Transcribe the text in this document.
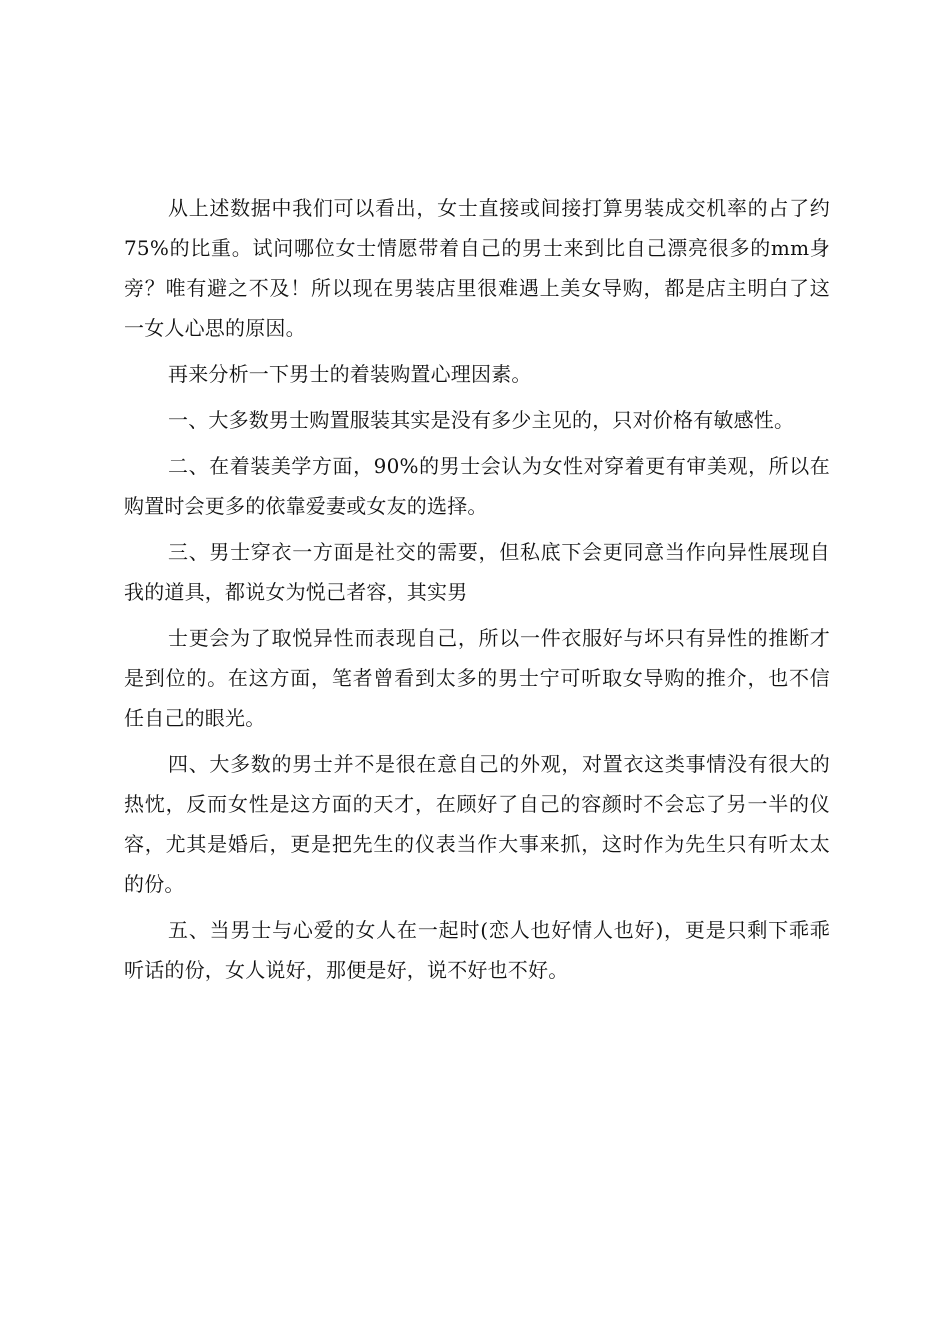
从上述数据中我们可以看出，女士直接或间接打算男装成交机率的占了约75%的比重。试问哪位女士情愿带着自己的男士来到比自己漂亮很多的mm身旁？唯有避之不及！所以现在男装店里很难遇上美女导购，都是店主明白了这一女人心思的原因。

再来分析一下男士的着装购置心理因素。

一、大多数男士购置服装其实是没有多少主见的，只对价格有敏感性。

二、在着装美学方面，90%的男士会认为女性对穿着更有审美观，所以在购置时会更多的依靠爱妻或女友的选择。

三、男士穿衣一方面是社交的需要，但私底下会更同意当作向异性展现自我的道具，都说女为悦己者容，其实男

士更会为了取悦异性而表现自己，所以一件衣服好与坏只有异性的推断才是到位的。在这方面，笔者曾看到太多的男士宁可听取女导购的推介，也不信任自己的眼光。

四、大多数的男士并不是很在意自己的外观，对置衣这类事情没有很大的热忱，反而女性是这方面的天才，在顾好了自己的容颜时不会忘了另一半的仪容，尤其是婚后，更是把先生的仪表当作大事来抓，这时作为先生只有听太太的份。

五、当男士与心爱的女人在一起时(恋人也好情人也好)，更是只剩下乖乖听话的份，女人说好，那便是好，说不好也不好。
